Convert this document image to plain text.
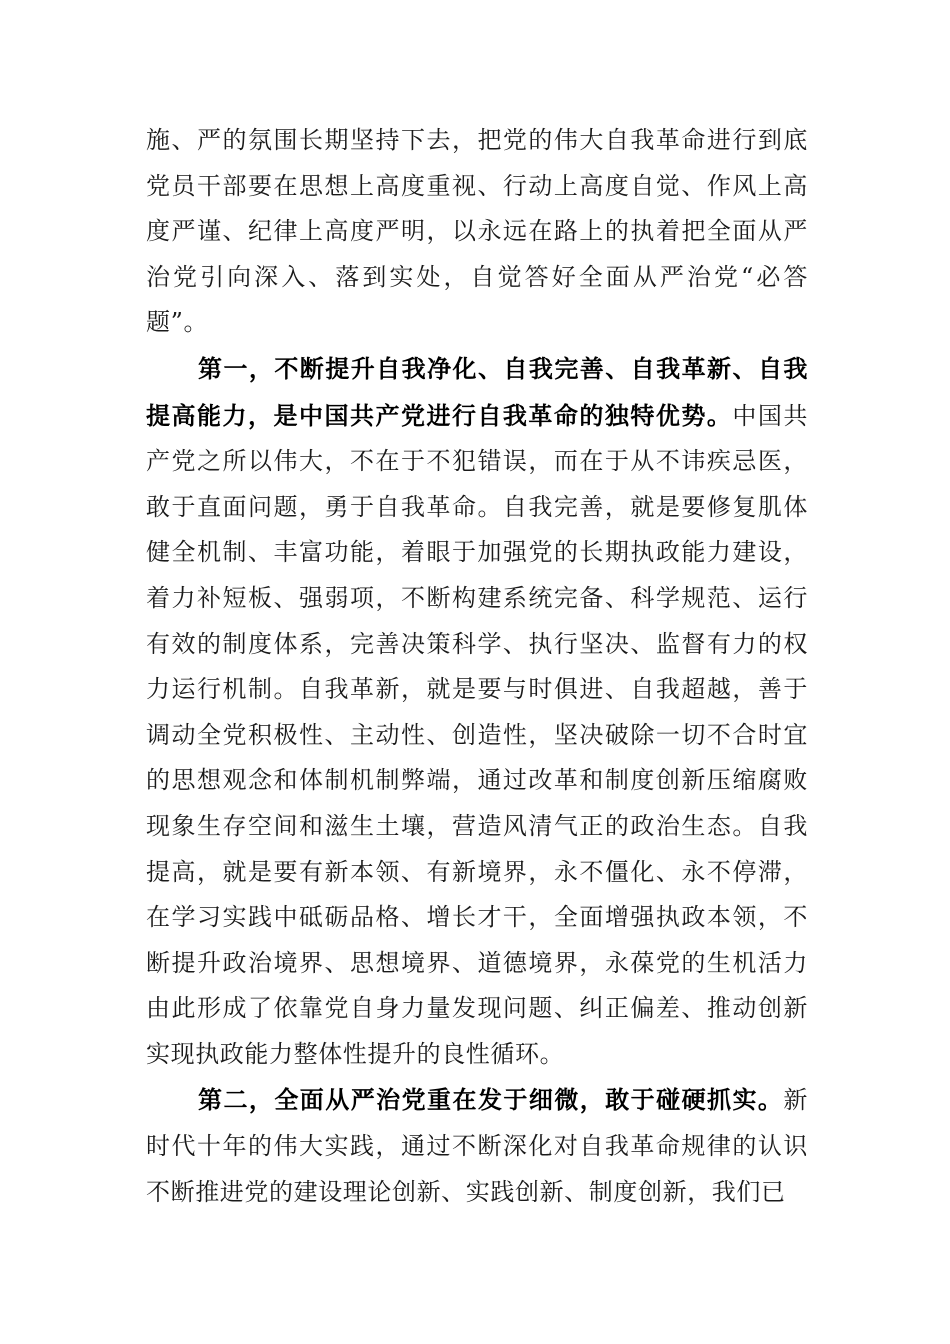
施、严的氛围长期坚持下去，把党的伟大自我革命进行到底党员干部要在思想上高度重视、行动上高度自觉、作风上高度严谨、纪律上高度严明，以永远在路上的执着把全面从严治党引向深入、落到实处，自觉答好全面从严治党“必答题”。

第一，不断提升自我净化、自我完善、自我革新、自我提高能力，是中国共产党进行自我革命的独特优势。中国共产党之所以伟大，不在于不犯错误，而在于从不讳疾忌医，敢于直面问题，勇于自我革命。自我完善，就是要修复肌体健全机制、丰富功能，着眼于加强党的长期执政能力建设，着力补短板、强弱项，不断构建系统完备、科学规范、运行有效的制度体系，完善决策科学、执行坚决、监督有力的权力运行机制。自我革新，就是要与时俱进、自我超越，善于调动全党积极性、主动性、创造性，坚决破除一切不合时宜的思想观念和体制机制弊端，通过改革和制度创新压缩腐败现象生存空间和滋生土壤，营造风清气正的政治生态。自我提高，就是要有新本领、有新境界，永不僵化、永不停滞，在学习实践中砥砺品格、增长才干，全面增强执政本领，不断提升政治境界、思想境界、道德境界，永葆党的生机活力由此形成了依靠党自身力量发现问题、纠正偏差、推动创新实现执政能力整体性提升的良性循环。

第二，全面从严治党重在发于细微，敢于碰硬抓实。新时代十年的伟大实践，通过不断深化对自我革命规律的认识不断推进党的建设理论创新、实践创新、制度创新，我们已
